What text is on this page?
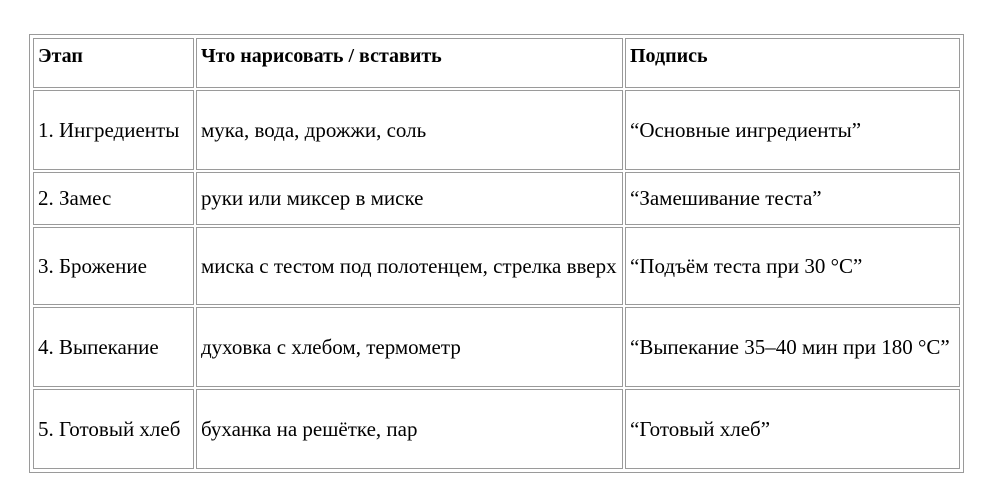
Этап	Что нарисовать / вставить	Подпись
1. Ингредиенты	мука, вода, дрожжи, соль	“Основные ингредиенты”
2. Замес	руки или миксер в миске	“Замешивание теста”
3. Брожение	миска с тестом под полотенцем, стрелка вверх	“Подъём теста при 30 °C”
4. Выпекание	духовка с хлебом, термометр	“Выпекание 35–40 мин при 180 °C”
5. Готовый хлеб	буханка на решётке, пар	“Готовый хлеб”
